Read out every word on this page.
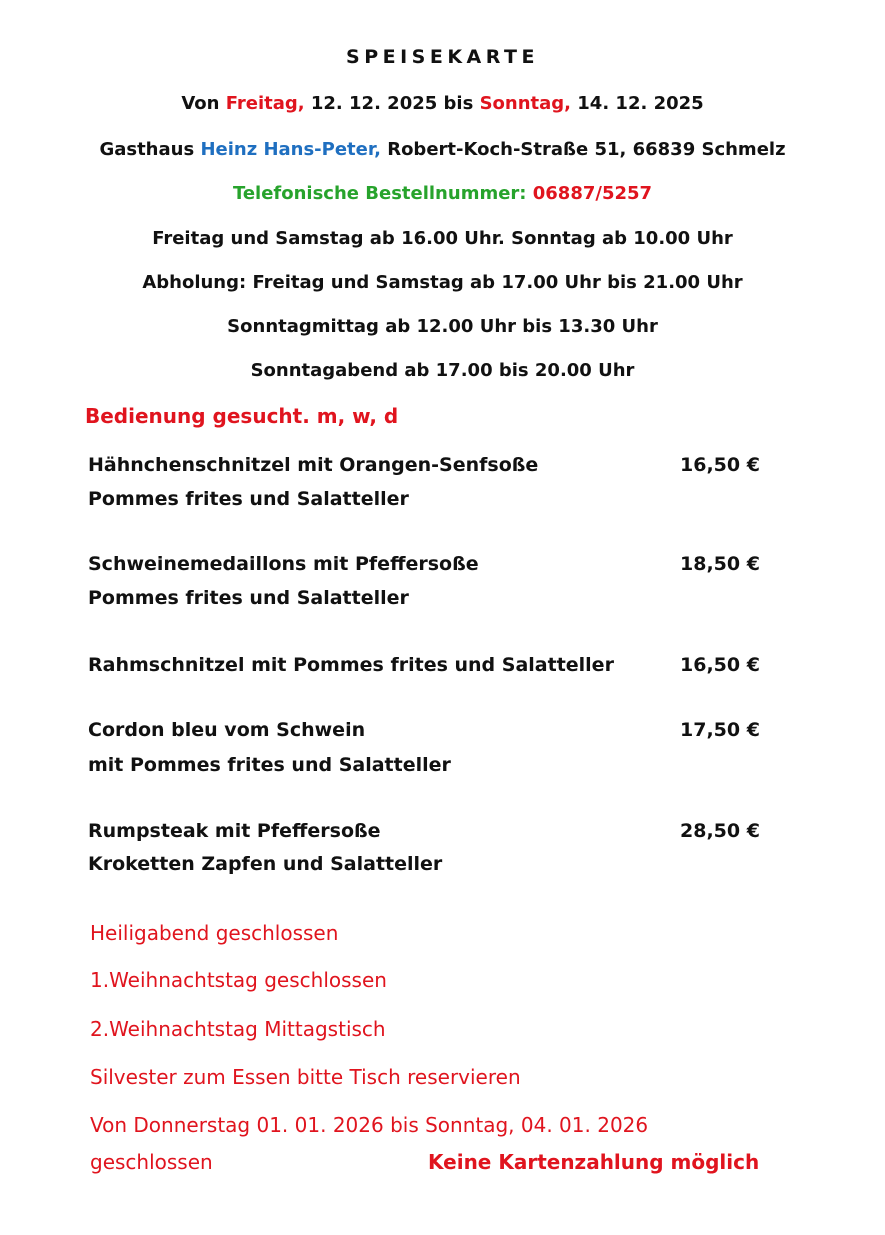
SPEISEKARTE
Von Freitag, 12. 12. 2025 bis Sonntag, 14. 12. 2025
Gasthaus Heinz Hans-Peter, Robert-Koch-Straße 51, 66839 Schmelz
Telefonische Bestellnummer: 06887/5257
Freitag und Samstag ab 16.00 Uhr. Sonntag ab 10.00 Uhr
Abholung: Freitag und Samstag ab 17.00 Uhr bis 21.00 Uhr
Sonntagmittag ab 12.00 Uhr bis 13.30 Uhr
Sonntagabend ab 17.00 bis 20.00 Uhr
Bedienung gesucht. m, w, d
Hähnchenschnitzel mit Orangen-Senfsoße
Pommes frites und Salatteller
16,50 €
Schweinemedaillons mit Pfeffersoße
Pommes frites und Salatteller
18,50 €
Rahmschnitzel mit Pommes frites und Salatteller	16,50 €
Cordon bleu vom Schwein
mit Pommes frites und Salatteller
17,50 €
Rumpsteak mit Pfeffersoße
Kroketten Zapfen und Salatteller
28,50 €
Heiligabend geschlossen
1.Weihnachtstag geschlossen
2.Weihnachtstag Mittagstisch
Silvester zum Essen bitte Tisch reservieren
Von Donnerstag 01. 01. 2026 bis Sonntag, 04. 01. 2026
geschlossen	Keine Kartenzahlung möglich
